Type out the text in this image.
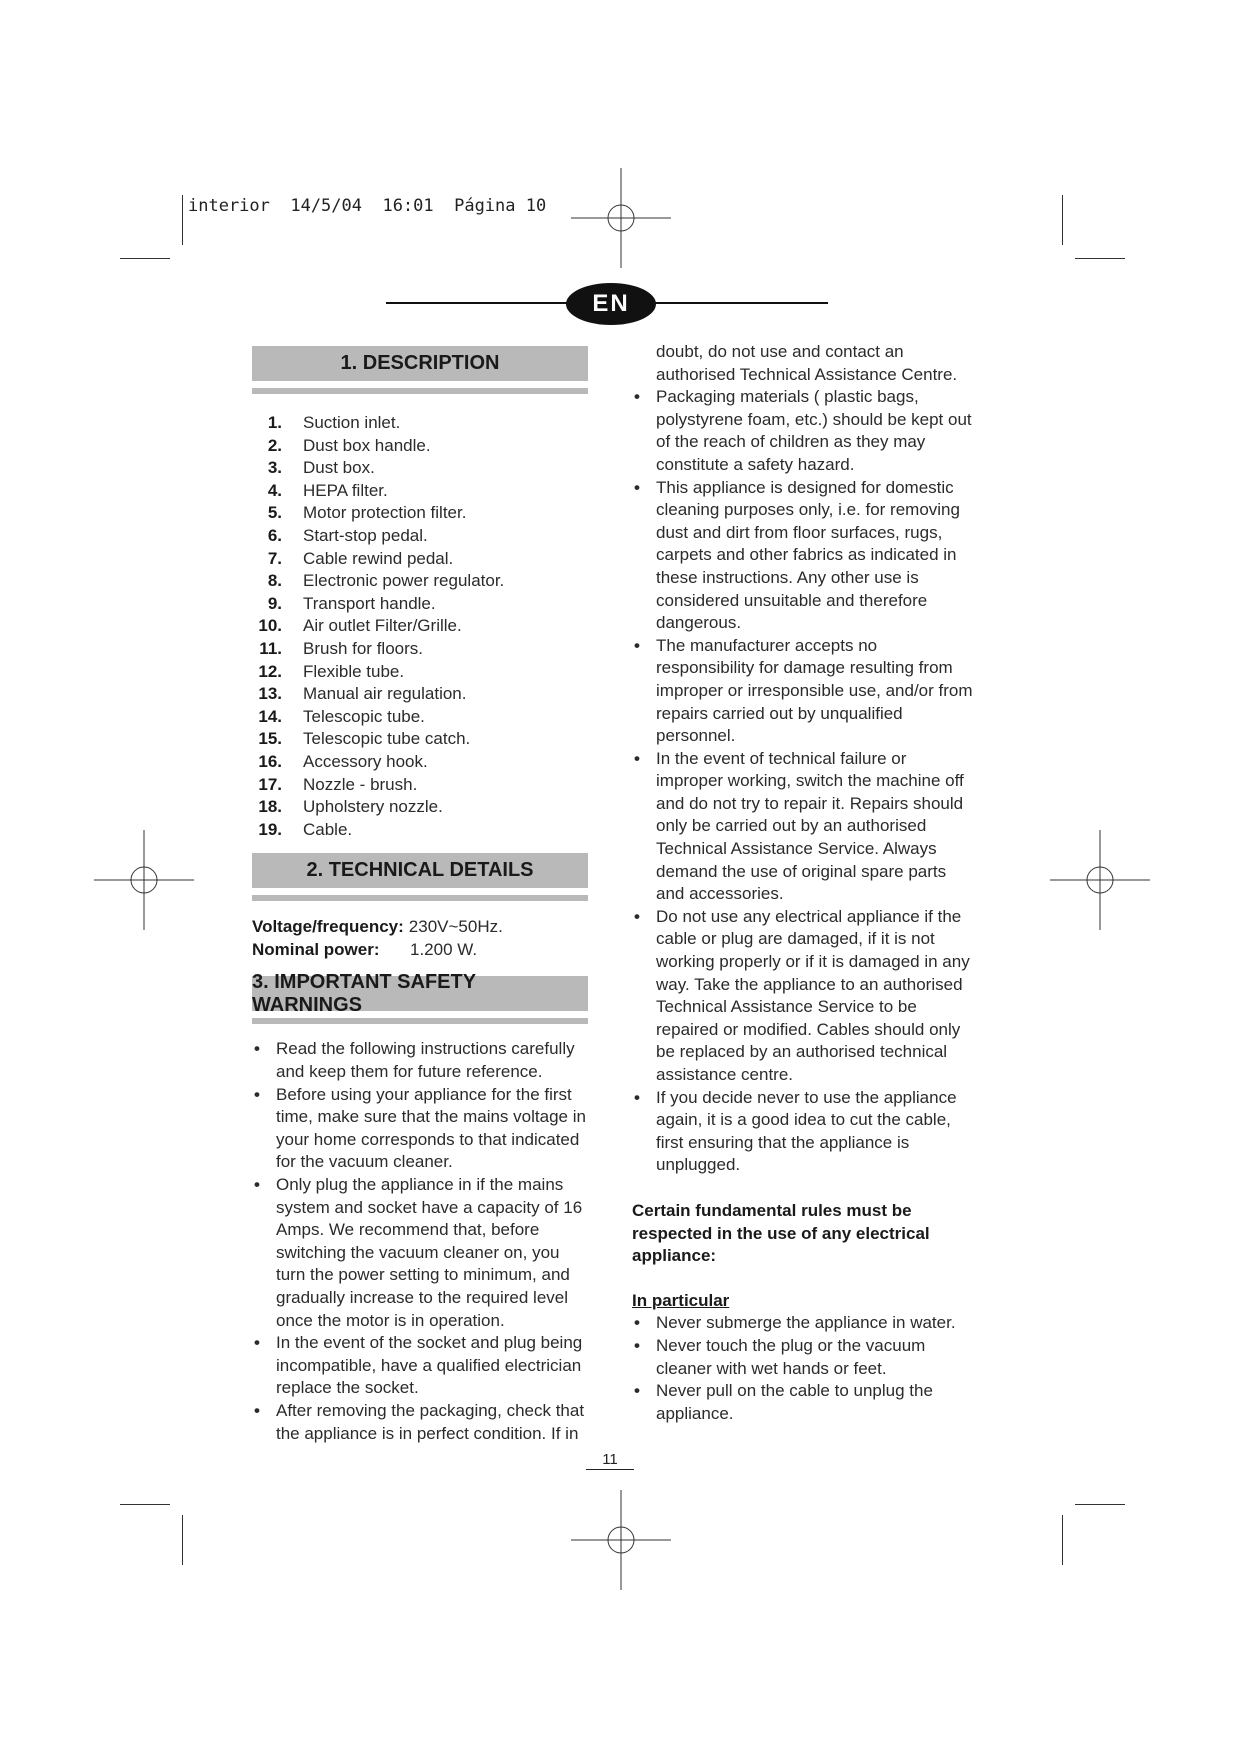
interior  14/5/04  16:01  Página 10
EN
1. DESCRIPTION
1. Suction inlet.
2. Dust box handle.
3. Dust box.
4. HEPA filter.
5. Motor protection filter.
6. Start-stop pedal.
7. Cable rewind pedal.
8. Electronic power regulator.
9. Transport handle.
10. Air outlet Filter/Grille.
11. Brush for floors.
12. Flexible tube.
13. Manual air regulation.
14. Telescopic tube.
15. Telescopic tube catch.
16. Accessory hook.
17. Nozzle - brush.
18. Upholstery nozzle.
19. Cable.
2. TECHNICAL DETAILS
Voltage/frequency: 230V~50Hz.
Nominal power:	1.200 W.
3. IMPORTANT SAFETY WARNINGS
• Read the following instructions carefully and keep them for future reference.
• Before using your appliance for the first time, make sure that the mains voltage in your home corresponds to that indicated for the vacuum cleaner.
• Only plug the appliance in if the mains system and socket have a capacity of 16 Amps. We recommend that, before switching the vacuum cleaner on, you turn the power setting to minimum, and gradually increase to the required level once the motor is in operation.
• In the event of the socket and plug being incompatible, have a qualified electrician replace the socket.
• After removing the packaging, check that the appliance is in perfect condition. If in
doubt, do not use and contact an authorised Technical Assistance Centre.
• Packaging materials ( plastic bags, polystyrene foam, etc.) should be kept out of the reach of children as they may constitute a safety hazard.
• This appliance is designed for domestic cleaning purposes only, i.e. for removing dust and dirt from floor surfaces, rugs, carpets and other fabrics as indicated in these instructions. Any other use is considered unsuitable and therefore dangerous.
• The manufacturer accepts no responsibility for damage resulting from improper or irresponsible use, and/or from repairs carried out by unqualified personnel.
• In the event of technical failure or improper working, switch the machine off and do not try to repair it. Repairs should only be carried out by an authorised Technical Assistance Service. Always demand the use of original spare parts and accessories.
• Do not use any electrical appliance if the cable or plug are damaged, if it is not working properly or if it is damaged in any way. Take the appliance to an authorised Technical Assistance Service to be repaired or modified. Cables should only be replaced by an authorised technical assistance centre.
• If you decide never to use the appliance again, it is a good idea to cut the cable, first ensuring that the appliance is unplugged.
Certain fundamental rules must be respected in the use of any electrical appliance:
In particular
• Never submerge the appliance in water.
• Never touch the plug or the vacuum cleaner with wet hands or feet.
• Never pull on the cable to unplug the appliance.
11
